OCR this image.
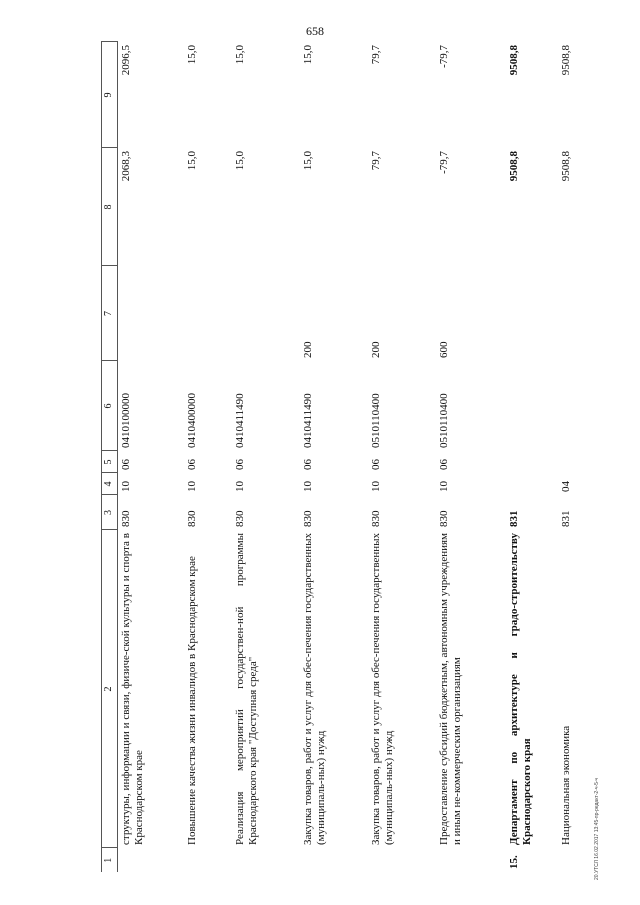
658
1	2	3	4	5	6	7	8	9
	структуры, информации и связи, физиче-ской культуры и спорта в Краснодарском крае	830	10	06	0410100000		2068,3	2096,5
	Повышение качества жизни инвалидов в Краснодарском крае	830	10	06	0410400000		15,0	15,0
	Реализация мероприятий государствен-ной программы Краснодарского края "Доступная среда"	830	10	06	0410411490		15,0	15,0
	Закупка товаров, работ и услуг для обес-печения государственных (муниципаль-ных) нужд	830	10	06	0410411490	200	15,0	15,0
	Закупка товаров, работ и услуг для обес-печения государственных (муниципаль-ных) нужд	830	10	06	0510110400	200	79,7	79,7
	Предоставление субсидий бюджетным, автономным учреждениям и иным не-коммерческим организациям	830	10	06	0510110400	600	-79,7	-79,7
15.	Департамент по архитектуре и градо-строительству Краснодарского края	831					9508,8	9508,8
	Национальная экономика	831	04				9508,8	9508,8
20.УТСЛ 16.02.2017 13:45-пр-редакт-2-ч-5-ч
